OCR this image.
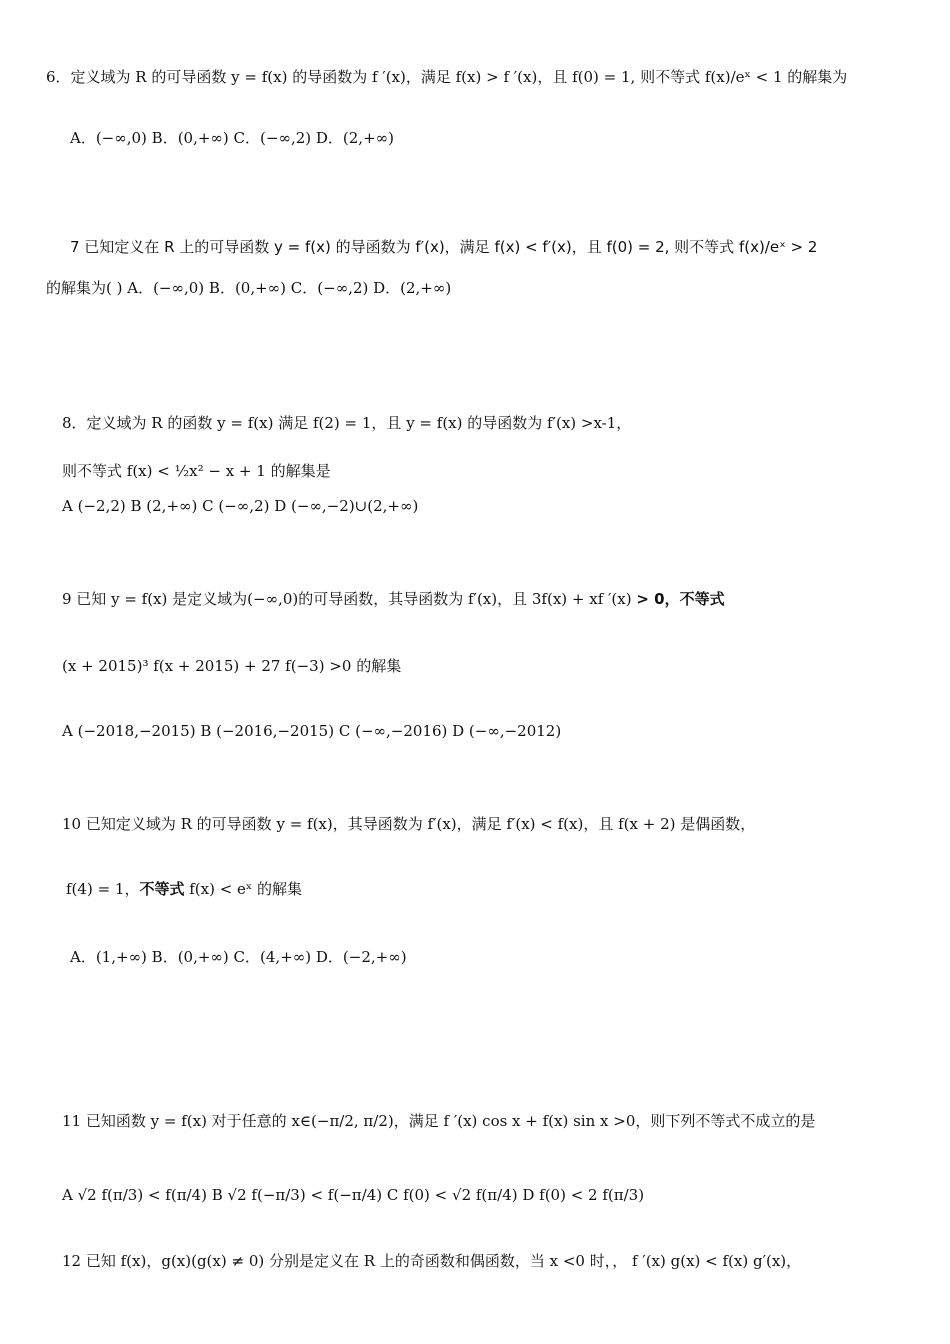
6．定义域为 R 的可导函数 y = f(x) 的导函数为 f ′(x)，满足 f(x) > f ′(x)，且 f(0) = 1, 则不等式 f(x)/eˣ < 1 的解集为
A．(−∞,0) B．(0,+∞) C．(−∞,2) D．(2,+∞)
7 已知定义在 R 上的可导函数 y = f(x) 的导函数为 f′(x)，满足 f(x) < f′(x)，且 f(0) = 2, 则不等式 f(x)/eˣ > 2
的解集为( ) A．(−∞,0) B．(0,+∞) C．(−∞,2) D．(2,+∞)
8．定义域为 R 的函数 y = f(x) 满足 f(2) = 1，且 y = f(x) 的导函数为 f′(x) >x-1，
则不等式 f(x) < ½x² − x + 1 的解集是
A (−2,2) B (2,+∞) C (−∞,2) D (−∞,−2)∪(2,+∞)
9 已知 y = f(x) 是定义域为(−∞,0)的可导函数，其导函数为 f′(x)，且 3f(x) + xf ′(x) > 0，不等式
(x + 2015)³ f(x + 2015) + 27 f(−3) >0 的解集
A (−2018,−2015) B (−2016,−2015) C (−∞,−2016) D (−∞,−2012)
10 已知定义域为 R 的可导函数 y = f(x)，其导函数为 f′(x)，满足 f′(x) < f(x)，且 f(x + 2) 是偶函数，
f(4) = 1，不等式 f(x) < eˣ 的解集
A．(1,+∞) B．(0,+∞) C．(4,+∞) D．(−2,+∞)
11 已知函数 y = f(x) 对于任意的 x∈(−π/2, π/2)，满足 f ′(x) cos x + f(x) sin x >0，则下列不等式不成立的是
A √2 f(π/3) < f(π/4) B √2 f(−π/3) < f(−π/4) C f(0) < √2 f(π/4) D f(0) < 2 f(π/3)
12 已知 f(x)，g(x)(g(x) ≠ 0) 分别是定义在 R 上的奇函数和偶函数，当 x <0 时，， f ′(x) g(x) < f(x) g′(x)，
